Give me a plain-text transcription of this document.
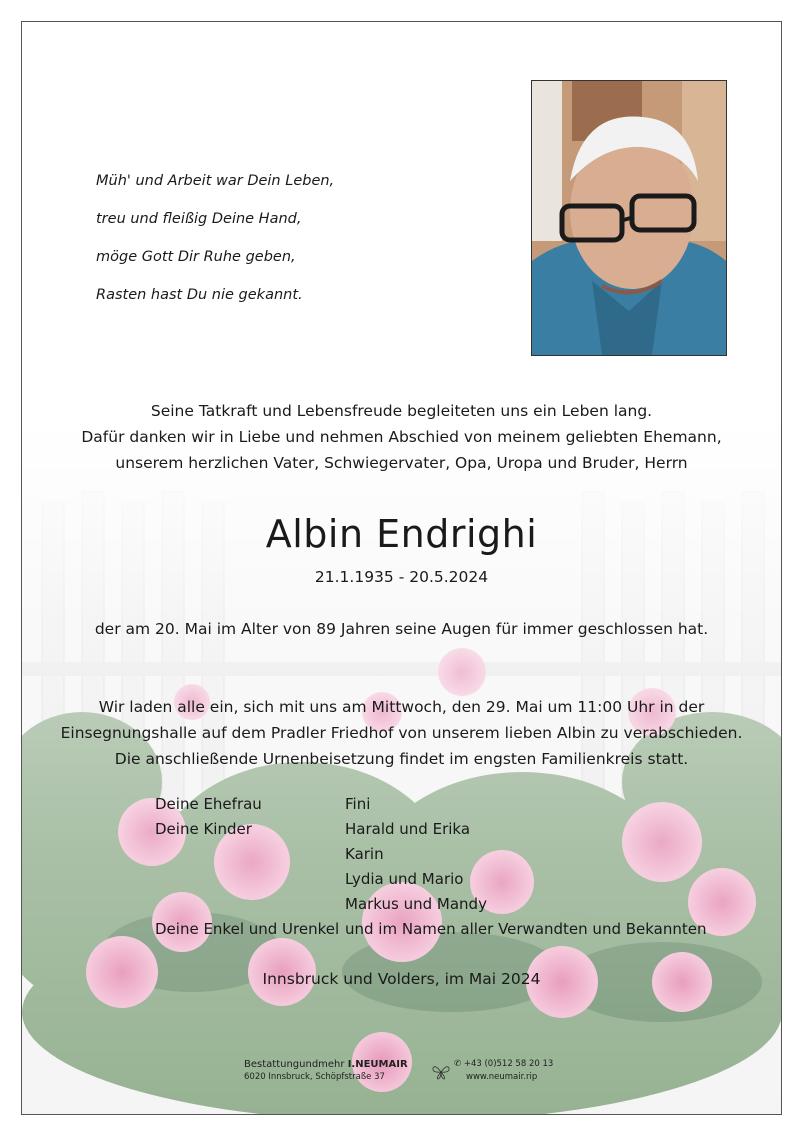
Müh' und Arbeit war Dein Leben,
treu und fleißig Deine Hand,
möge Gott Dir Ruhe geben,
Rasten hast Du nie gekannt.
Seine Tatkraft und Lebensfreude begleiteten uns ein Leben lang.
Dafür danken wir in Liebe und nehmen Abschied von meinem geliebten Ehemann,
unserem herzlichen Vater, Schwiegervater, Opa, Uropa und Bruder, Herrn
Albin Endrighi
21.1.1935 - 20.5.2024
der am 20. Mai im Alter von 89 Jahren seine Augen für immer geschlossen hat.
Wir laden alle ein, sich mit uns am Mittwoch, den 29. Mai um 11:00 Uhr in der
Einsegnungshalle auf dem Pradler Friedhof von unserem lieben Albin zu verabschieden.
Die anschließende Urnenbeisetzung findet im engsten Familienkreis statt.
Deine Ehefrau	Fini
Deine Kinder	Harald und Erika
Karin
Lydia und Mario
Markus und Mandy
Deine Enkel und Urenkel und im Namen aller Verwandten und Bekannten
Innsbruck und Volders, im Mai 2024
Bestattungundmehr I.NEUMAIR
6020 Innsbruck, Schöpfstraße 37
✆ +43 (0)512 58 20 13
www.neumair.rip
